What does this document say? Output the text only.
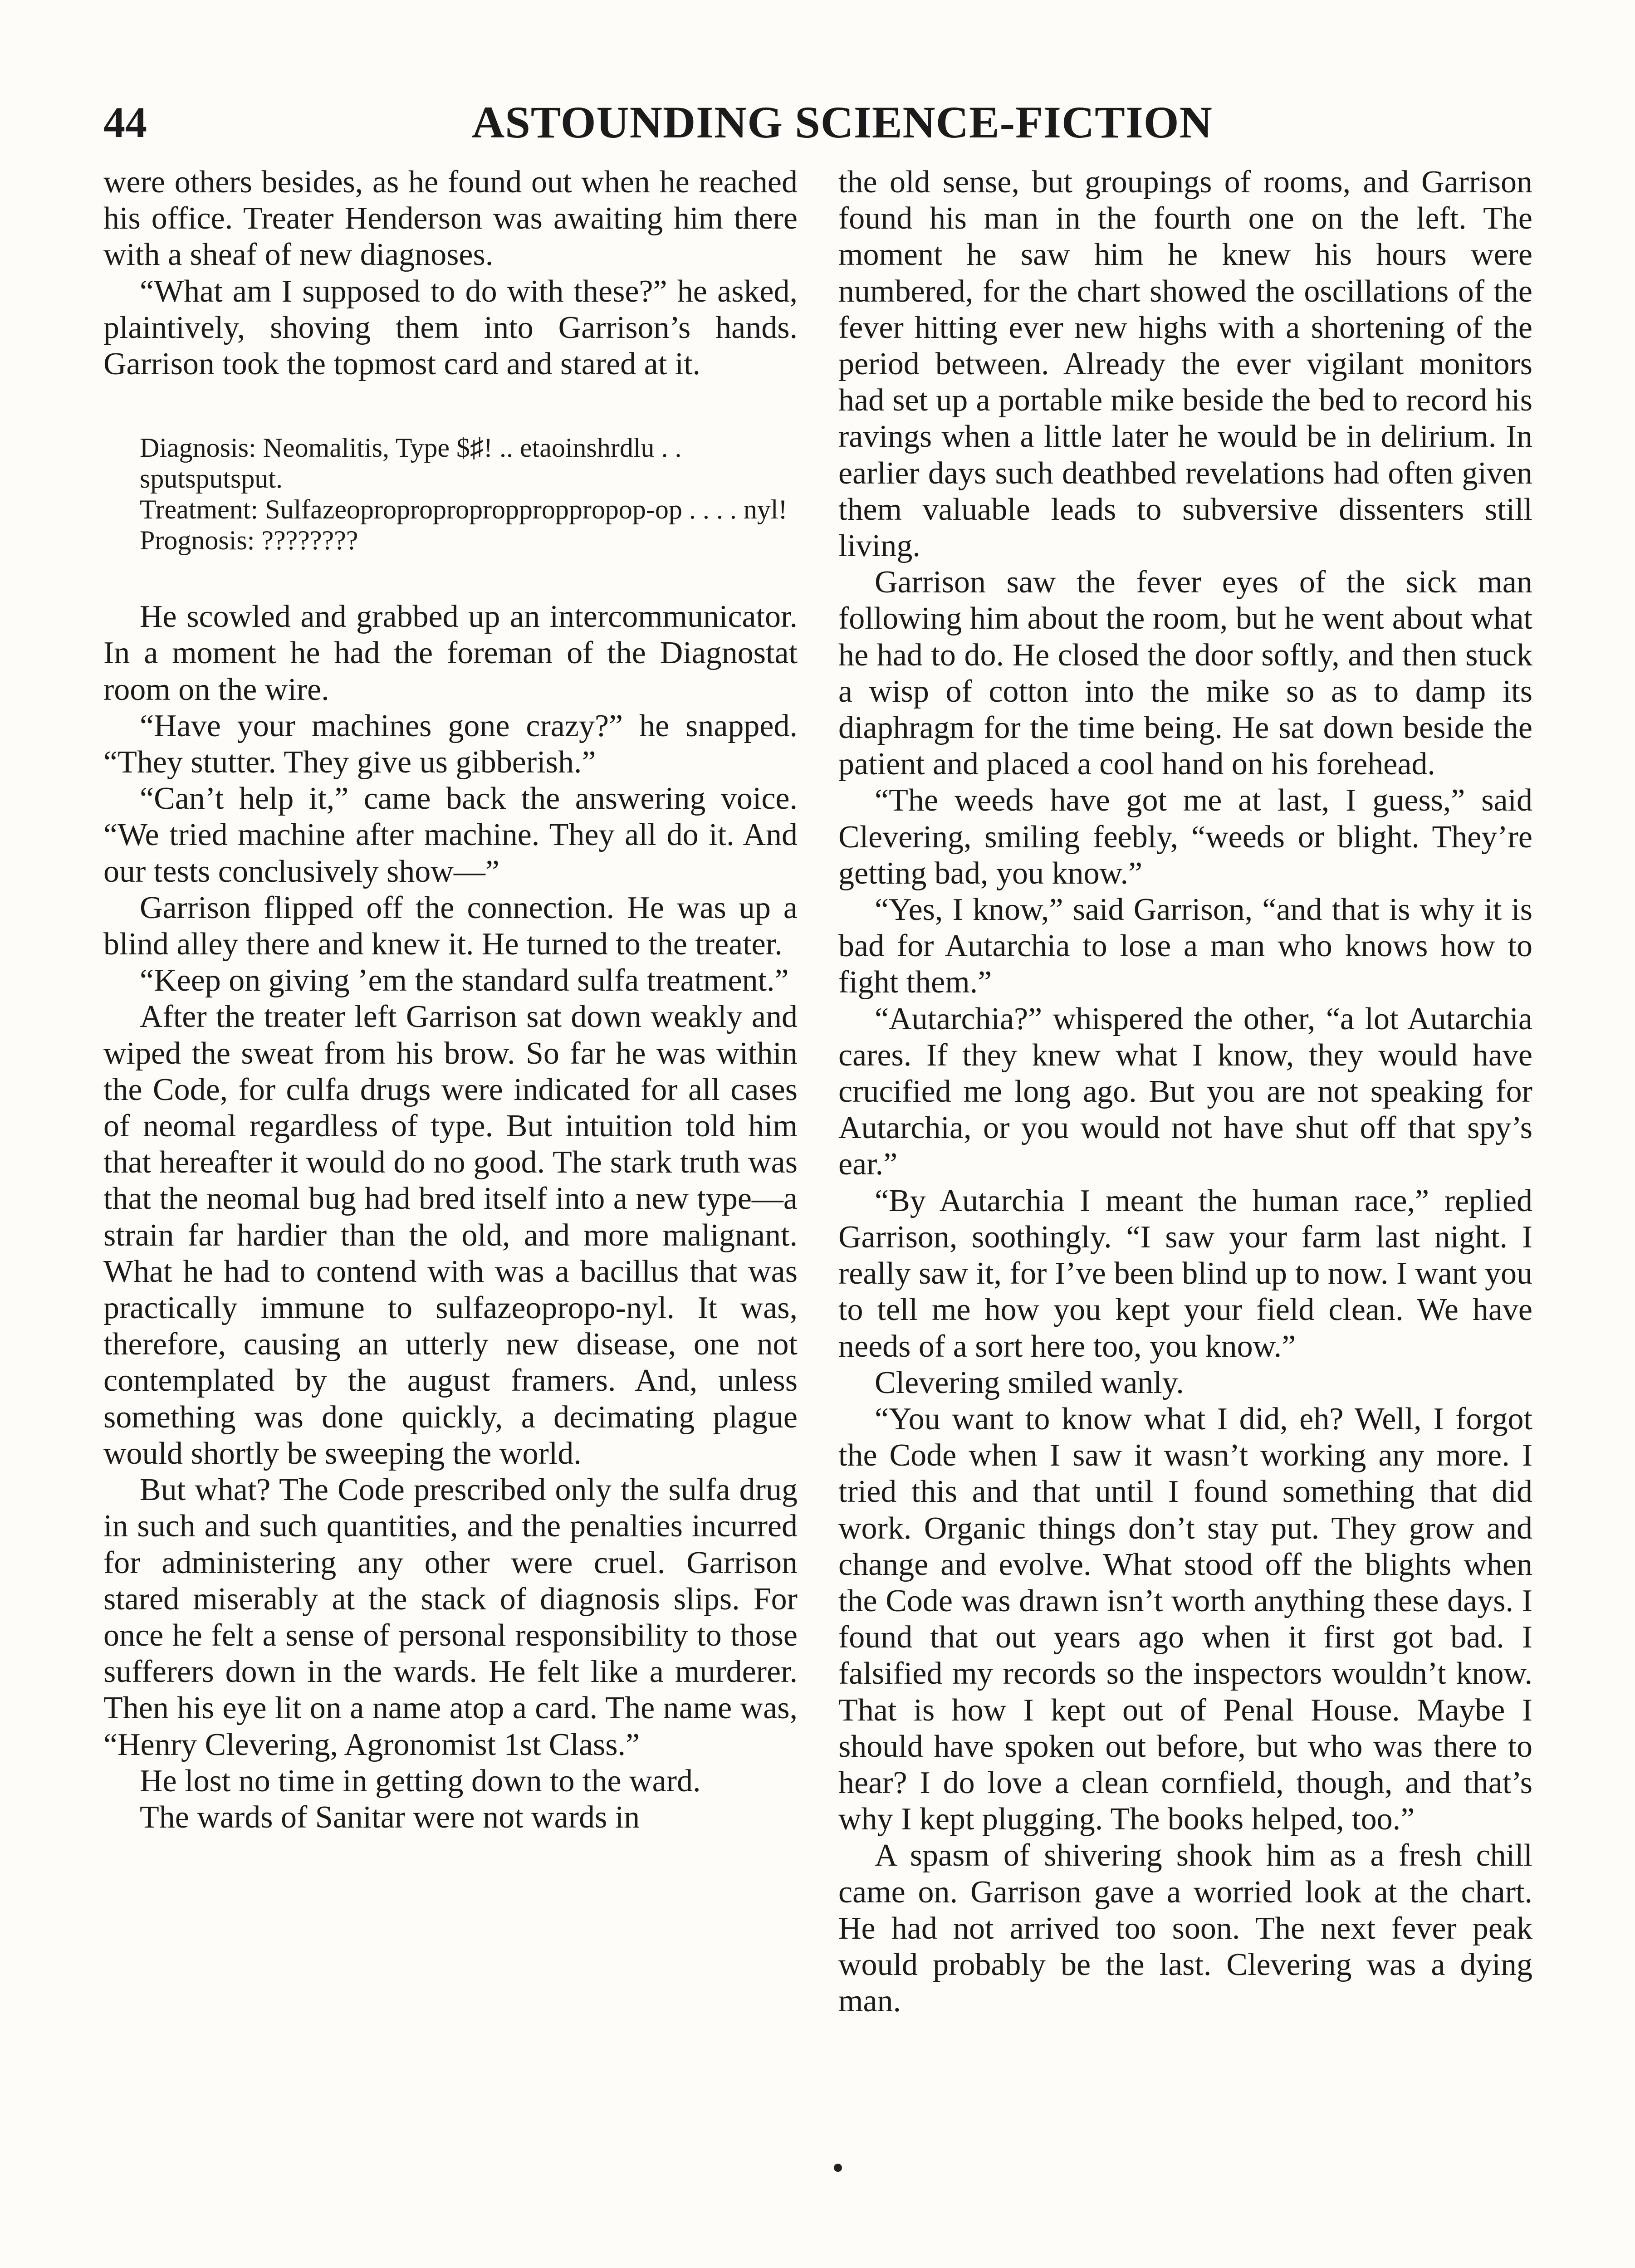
44	ASTOUNDING SCIENCE-FICTION

were others besides, as he found out when he reached his office. Treater Henderson was awaiting him there with a sheaf of new diagnoses.

“What am I supposed to do with these?” he asked, plaintively, shoving them into Garrison’s hands. Garrison took the topmost card and stared at it.

Diagnosis: Neomalitis, Type $♯! .. etaoinshrdlu . . sputsputsput.
Treatment: Sulfazeopropropropropproppropop-op . . . . nyl!
Prognosis: ????????

He scowled and grabbed up an intercommunicator. In a moment he had the foreman of the Diagnostat room on the wire.

“Have your machines gone crazy?” he snapped. “They stutter. They give us gibberish.”

“Can’t help it,” came back the answering voice. “We tried machine after machine. They all do it. And our tests conclusively show—”

Garrison flipped off the connection. He was up a blind alley there and knew it. He turned to the treater.

“Keep on giving ’em the standard sulfa treatment.”

After the treater left Garrison sat down weakly and wiped the sweat from his brow. So far he was within the Code, for culfa drugs were indicated for all cases of neomal regardless of type. But intuition told him that hereafter it would do no good. The stark truth was that the neomal bug had bred itself into a new type—a strain far hardier than the old, and more malignant. What he had to contend with was a bacillus that was practically immune to sulfazeopropo-nyl. It was, therefore, causing an utterly new disease, one not contemplated by the august framers. And, unless something was done quickly, a decimating plague would shortly be sweeping the world.

But what? The Code prescribed only the sulfa drug in such and such quantities, and the penalties incurred for administering any other were cruel. Garrison stared miserably at the stack of diagnosis slips. For once he felt a sense of personal responsibility to those sufferers down in the wards. He felt like a murderer. Then his eye lit on a name atop a card. The name was, “Henry Clevering, Agronomist 1st Class.”

He lost no time in getting down to the ward.

The wards of Sanitar were not wards in

the old sense, but groupings of rooms, and Garrison found his man in the fourth one on the left. The moment he saw him he knew his hours were numbered, for the chart showed the oscillations of the fever hitting ever new highs with a shortening of the period between. Already the ever vigilant monitors had set up a portable mike beside the bed to record his ravings when a little later he would be in delirium. In earlier days such deathbed revelations had often given them valuable leads to subversive dissenters still living.

Garrison saw the fever eyes of the sick man following him about the room, but he went about what he had to do. He closed the door softly, and then stuck a wisp of cotton into the mike so as to damp its diaphragm for the time being. He sat down beside the patient and placed a cool hand on his forehead.

“The weeds have got me at last, I guess,” said Clevering, smiling feebly, “weeds or blight. They’re getting bad, you know.”

“Yes, I know,” said Garrison, “and that is why it is bad for Autarchia to lose a man who knows how to fight them.”

“Autarchia?” whispered the other, “a lot Autarchia cares. If they knew what I know, they would have crucified me long ago. But you are not speaking for Autarchia, or you would not have shut off that spy’s ear.”

“By Autarchia I meant the human race,” replied Garrison, soothingly. “I saw your farm last night. I really saw it, for I’ve been blind up to now. I want you to tell me how you kept your field clean. We have needs of a sort here too, you know.”

Clevering smiled wanly.

“You want to know what I did, eh? Well, I forgot the Code when I saw it wasn’t working any more. I tried this and that until I found something that did work. Organic things don’t stay put. They grow and change and evolve. What stood off the blights when the Code was drawn isn’t worth anything these days. I found that out years ago when it first got bad. I falsified my records so the inspectors wouldn’t know. That is how I kept out of Penal House. Maybe I should have spoken out before, but who was there to hear? I do love a clean cornfield, though, and that’s why I kept plugging. The books helped, too.”

A spasm of shivering shook him as a fresh chill came on. Garrison gave a worried look at the chart. He had not arrived too soon. The next fever peak would probably be the last. Clevering was a dying man.
